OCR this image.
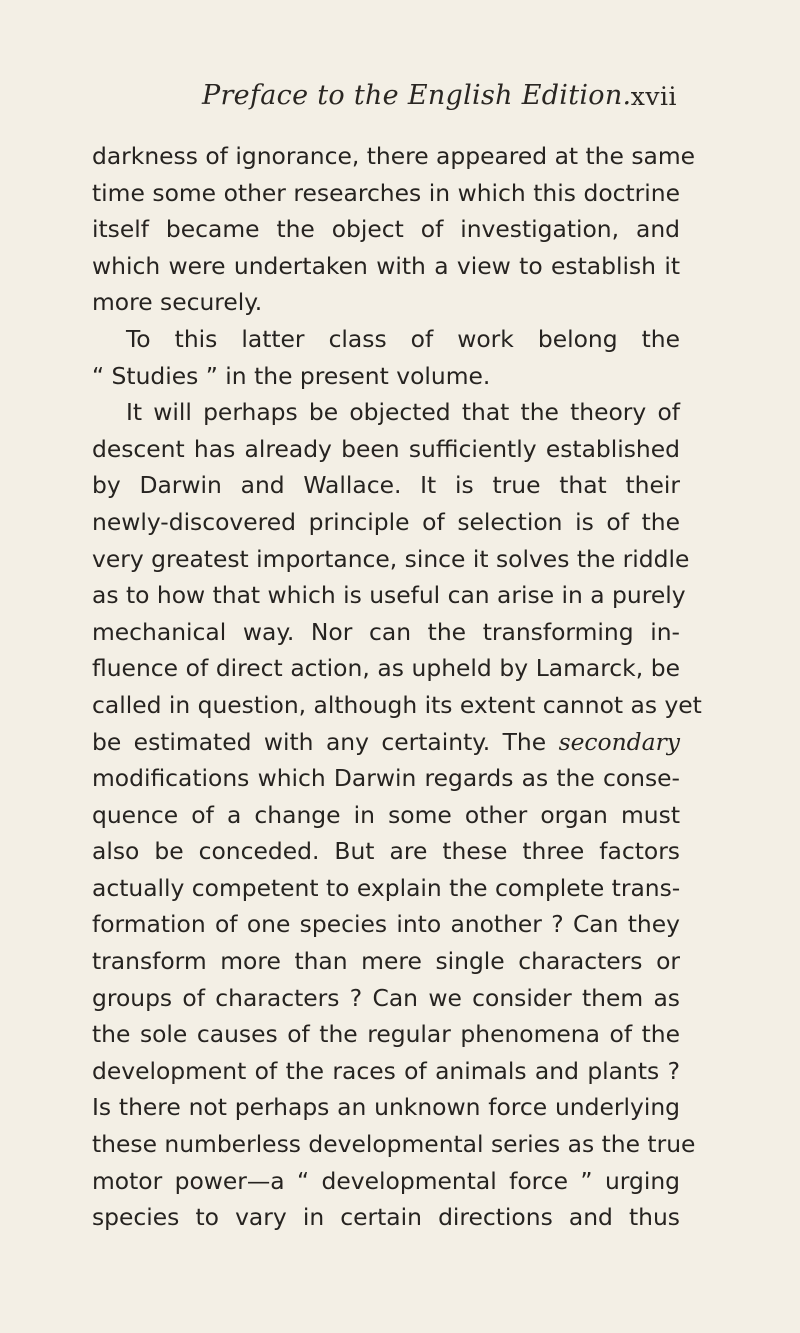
Preface to the English Edition. xvii
darkness of ignorance, there appeared at the same
time some other researches in which this doctrine
itself became the object of investigation, and
which were undertaken with a view to establish it
more securely.
To this latter class of work belong the
“ Studies ” in the present volume.
It will perhaps be objected that the theory of
descent has already been sufficiently established
by Darwin and Wallace. It is true that their
newly-discovered principle of selection is of the
very greatest importance, since it solves the riddle
as to how that which is useful can arise in a purely
mechanical way. Nor can the transforming in-
fluence of direct action, as upheld by Lamarck, be
called in question, although its extent cannot as yet
be estimated with any certainty. The secondary
modifications which Darwin regards as the conse-
quence of a change in some other organ must
also be conceded. But are these three factors
actually competent to explain the complete trans-
formation of one species into another ? Can they
transform more than mere single characters or
groups of characters ? Can we consider them as
the sole causes of the regular phenomena of the
development of the races of animals and plants ?
Is there not perhaps an unknown force underlying
these numberless developmental series as the true
motor power—a “ developmental force ” urging
species to vary in certain directions and thus
